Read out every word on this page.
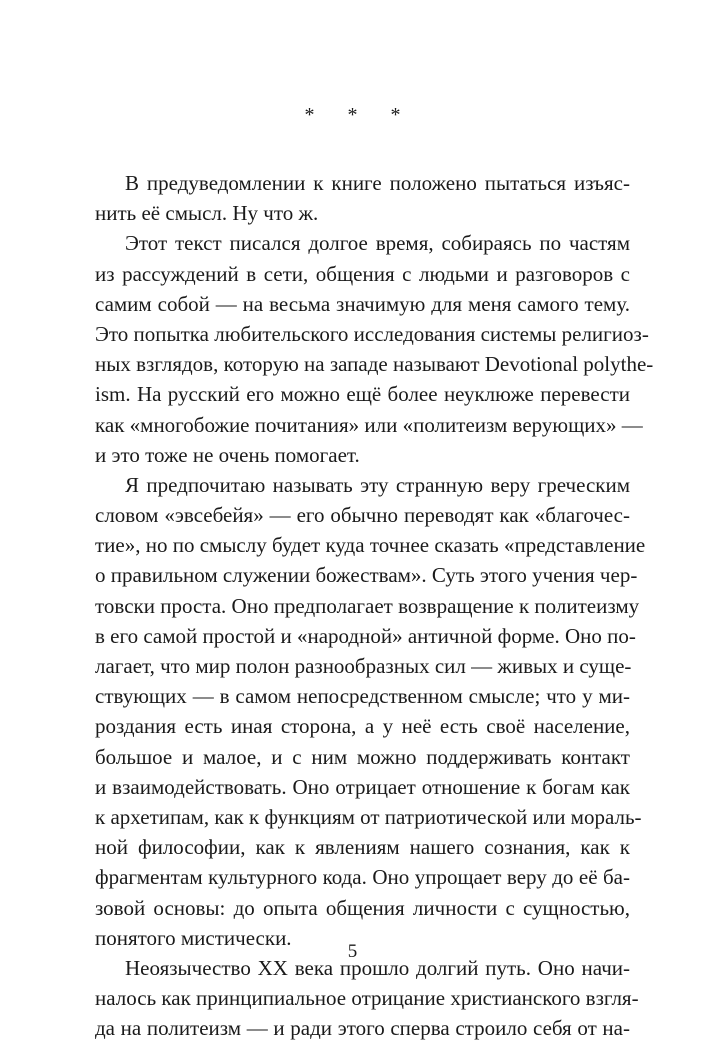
* * *
В предуведомлении к книге положено пытаться изъяс-
нить её смысл. Ну что ж.
Этот текст писался долгое время, собираясь по частям
из рассуждений в сети, общения с людьми и разговоров с
самим собой — на весьма значимую для меня самого тему.
Это попытка любительского исследования системы религиоз-
ных взглядов, которую на западе называют Devotional polythe-
ism. На русский его можно ещё более неуклюже перевести
как «многобожие почитания» или «политеизм верующих» —
и это тоже не очень помогает.
Я предпочитаю называть эту странную веру греческим
словом «эвсебейя» — его обычно переводят как «благочес-
тие», но по смыслу будет куда точнее сказать «представление
о правильном служении божествам». Суть этого учения чер-
товски проста. Оно предполагает возвращение к политеизму
в его самой простой и «народной» античной форме. Оно по-
лагает, что мир полон разнообразных сил — живых и суще-
ствующих — в самом непосредственном смысле; что у ми-
роздания есть иная сторона, а у неё есть своё население,
большое и малое, и с ним можно поддерживать контакт
и взаимодействовать. Оно отрицает отношение к богам как
к архетипам, как к функциям от патриотической или мораль-
ной философии, как к явлениям нашего сознания, как к
фрагментам культурного кода. Оно упрощает веру до её ба-
зовой основы: до опыта общения личности с сущностью,
понятого мистически.
Неоязычество XX века прошло долгий путь. Оно начи-
налось как принципиальное отрицание христианского взгля-
да на политеизм — и ради этого сперва строило себя от на-
5
